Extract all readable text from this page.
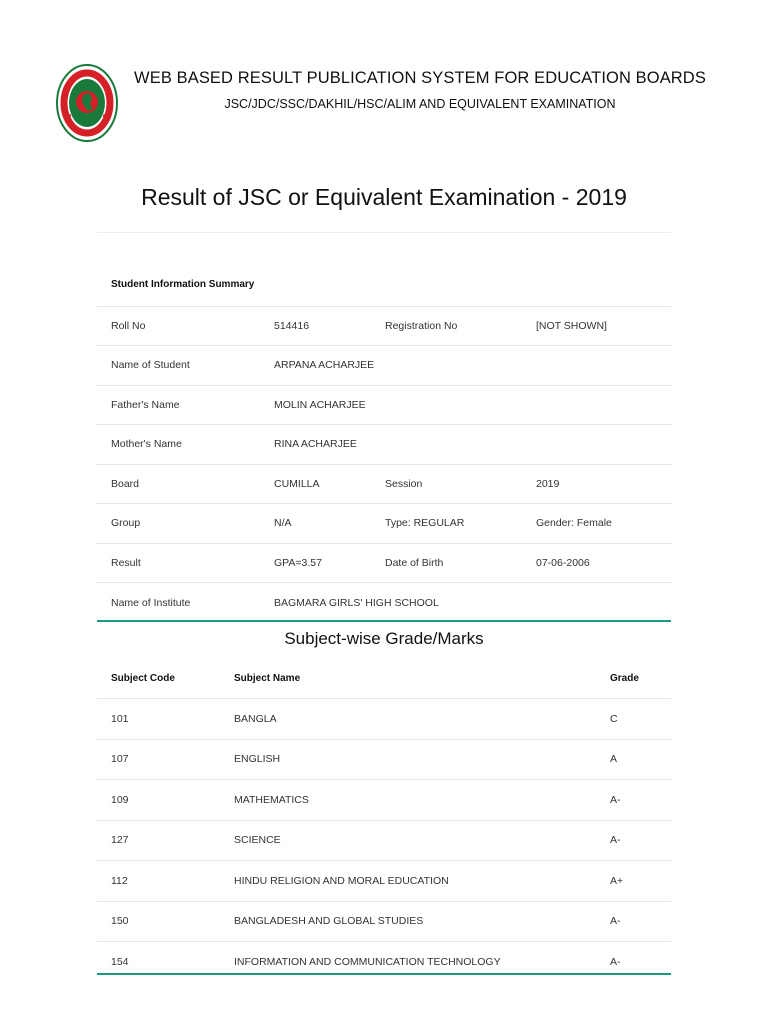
WEB BASED RESULT PUBLICATION SYSTEM FOR EDUCATION BOARDS
JSC/JDC/SSC/DAKHIL/HSC/ALIM AND EQUIVALENT EXAMINATION
Result of JSC or Equivalent Examination - 2019
Student Information Summary			
Roll No	514416	Registration No	[NOT SHOWN]
Name of Student	ARPANA ACHARJEE		
Father's Name	MOLIN ACHARJEE		
Mother's Name	RINA ACHARJEE		
Board	CUMILLA	Session	2019
Group	N/A	Type: REGULAR	Gender: Female
Result	GPA=3.57	Date of Birth	07-06-2006
Name of Institute	BAGMARA GIRLS' HIGH SCHOOL		
Subject-wise Grade/Marks
Subject Code	Subject Name	Grade
101	BANGLA	C
107	ENGLISH	A
109	MATHEMATICS	A-
127	SCIENCE	A-
112	HINDU RELIGION AND MORAL EDUCATION	A+
150	BANGLADESH AND GLOBAL STUDIES	A-
154	INFORMATION AND COMMUNICATION TECHNOLOGY	A-
